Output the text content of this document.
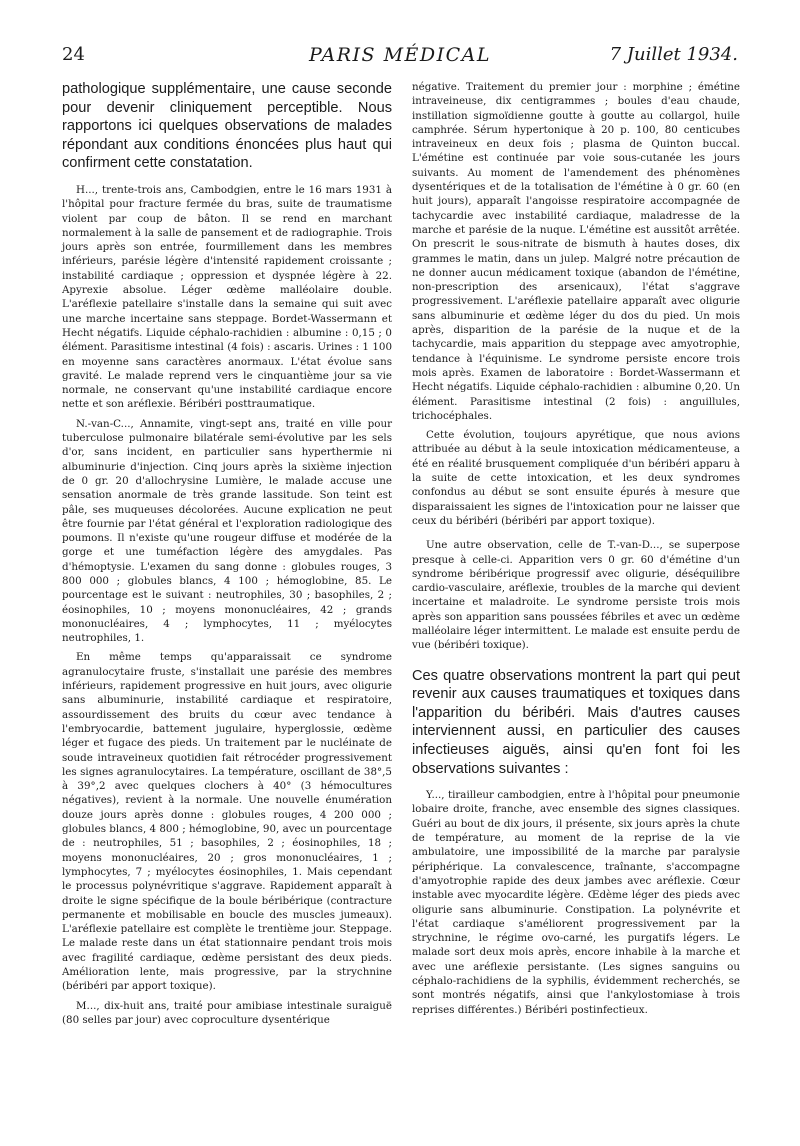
24	PARIS MÉDICAL	7 Juillet 1934.

pathologique supplémentaire, une cause seconde pour devenir cliniquement perceptible. Nous rapportons ici quelques observations de malades répondant aux conditions énoncées plus haut qui confirment cette constatation.

H..., trente-trois ans, Cambodgien, entre le 16 mars 1931 à l'hôpital pour fracture fermée du bras, suite de traumatisme violent par coup de bâton. Il se rend en marchant normalement à la salle de pansement et de radiographie. Trois jours après son entrée, fourmillement dans les membres inférieurs, parésie légère d'intensité rapidement croissante ; instabilité cardiaque ; oppression et dyspnée légère à 22. Apyrexie absolue. Léger œdème malléolaire double. L'aréflexie patellaire s'installe dans la semaine qui suit avec une marche incertaine sans steppage. Bordet-Wassermann et Hecht négatifs. Liquide céphalo-rachidien : albumine : 0,15 ; 0 élément. Parasitisme intestinal (4 fois) : ascaris. Urines : 1 100 en moyenne sans caractères anormaux. L'état évolue sans gravité. Le malade reprend vers le cinquantième jour sa vie normale, ne conservant qu'une instabilité cardiaque encore nette et son aréflexie. Béribéri posttraumatique.

N.-van-C..., Annamite, vingt-sept ans, traité en ville pour tuberculose pulmonaire bilatérale semi-évolutive par les sels d'or, sans incident, en particulier sans hyperthermie ni albuminurie d'injection. Cinq jours après la sixième injection de 0 gr. 20 d'allochrysine Lumière, le malade accuse une sensation anormale de très grande lassitude. Son teint est pâle, ses muqueuses décolorées. Aucune explication ne peut être fournie par l'état général et l'exploration radiologique des poumons. Il n'existe qu'une rougeur diffuse et modérée de la gorge et une tuméfaction légère des amygdales. Pas d'hémoptysie. L'examen du sang donne : globules rouges, 3 800 000 ; globules blancs, 4 100 ; hémoglobine, 85. Le pourcentage est le suivant : neutrophiles, 30 ; basophiles, 2 ; éosinophiles, 10 ; moyens mononucléaires, 42 ; grands mononucléaires, 4 ; lymphocytes, 11 ; myélocytes neutrophiles, 1.

En même temps qu'apparaissait ce syndrome agranulocytaire fruste, s'installait une parésie des membres inférieurs, rapidement progressive en huit jours, avec oligurie sans albuminurie, instabilité cardiaque et respiratoire, assourdissement des bruits du cœur avec tendance à l'embryocardie, battement jugulaire, hyperglossie, œdème léger et fugace des pieds. Un traitement par le nucléinate de soude intraveineux quotidien fait rétrocéder progressivement les signes agranulocytaires. La température, oscillant de 38°,5 à 39°,2 avec quelques clochers à 40° (3 hémocultures négatives), revient à la normale. Une nouvelle énumération douze jours après donne : globules rouges, 4 200 000 ; globules blancs, 4 800 ; hémoglobine, 90, avec un pourcentage de : neutrophiles, 51 ; basophiles, 2 ; éosinophiles, 18 ; moyens mononucléaires, 20 ; gros mononucléaires, 1 ; lymphocytes, 7 ; myélocytes éosinophiles, 1. Mais cependant le processus polynévritique s'aggrave. Rapidement apparaît à droite le signe spécifique de la boule béribérique (contracture permanente et mobilisable en boucle des muscles jumeaux). L'aréflexie patellaire est complète le trentième jour. Steppage. Le malade reste dans un état stationnaire pendant trois mois avec fragilité cardiaque, œdème persistant des deux pieds. Amélioration lente, mais progressive, par la strychnine (béribéri par apport toxique).

M..., dix-huit ans, traité pour amibiase intestinale suraiguë (80 selles par jour) avec coproculture dysentérique

négative. Traitement du premier jour : morphine ; émétine intraveineuse, dix centigrammes ; boules d'eau chaude, instillation sigmoïdienne goutte à goutte au collargol, huile camphrée. Sérum hypertonique à 20 p. 100, 80 centicubes intraveineux en deux fois ; plasma de Quinton buccal. L'émétine est continuée par voie sous-cutanée les jours suivants. Au moment de l'amendement des phénomènes dysentériques et de la totalisation de l'émétine à 0 gr. 60 (en huit jours), apparaît l'angoisse respiratoire accompagnée de tachycardie avec instabilité cardiaque, maladresse de la marche et parésie de la nuque. L'émétine est aussitôt arrêtée. On prescrit le sous-nitrate de bismuth à hautes doses, dix grammes le matin, dans un julep. Malgré notre précaution de ne donner aucun médicament toxique (abandon de l'émétine, non-prescription des arsenicaux), l'état s'aggrave progressivement. L'aréflexie patellaire apparaît avec oligurie sans albuminurie et œdème léger du dos du pied. Un mois après, disparition de la parésie de la nuque et de la tachycardie, mais apparition du steppage avec amyotrophie, tendance à l'équinisme. Le syndrome persiste encore trois mois après. Examen de laboratoire : Bordet-Wassermann et Hecht négatifs. Liquide céphalo-rachidien : albumine 0,20. Un élément. Parasitisme intestinal (2 fois) : anguillules, trichocéphales.

Cette évolution, toujours apyrétique, que nous avions attribuée au début à la seule intoxication médicamenteuse, a été en réalité brusquement compliquée d'un béribéri apparu à la suite de cette intoxication, et les deux syndromes confondus au début se sont ensuite épurés à mesure que disparaissaient les signes de l'intoxication pour ne laisser que ceux du béribéri (béribéri par apport toxique).

Une autre observation, celle de T.-van-D..., se superpose presque à celle-ci. Apparition vers 0 gr. 60 d'émétine d'un syndrome béribérique progressif avec oligurie, déséquilibre cardio-vasculaire, aréflexie, troubles de la marche qui devient incertaine et maladroite. Le syndrome persiste trois mois après son apparition sans poussées fébriles et avec un œdème malléolaire léger intermittent. Le malade est ensuite perdu de vue (béribéri toxique).

Ces quatre observations montrent la part qui peut revenir aux causes traumatiques et toxiques dans l'apparition du béribéri. Mais d'autres causes interviennent aussi, en particulier des causes infectieuses aiguës, ainsi qu'en font foi les observations suivantes :

Y..., tirailleur cambodgien, entre à l'hôpital pour pneumonie lobaire droite, franche, avec ensemble des signes classiques. Guéri au bout de dix jours, il présente, six jours après la chute de température, au moment de la reprise de la vie ambulatoire, une impossibilité de la marche par paralysie périphérique. La convalescence, traînante, s'accompagne d'amyotrophie rapide des deux jambes avec aréflexie. Cœur instable avec myocardite légère. Œdème léger des pieds avec oligurie sans albuminurie. Constipation. La polynévrite et l'état cardiaque s'améliorent progressivement par la strychnine, le régime ovo-carné, les purgatifs légers. Le malade sort deux mois après, encore inhabile à la marche et avec une aréflexie persistante. (Les signes sanguins ou céphalo-rachidiens de la syphilis, évidemment recherchés, se sont montrés négatifs, ainsi que l'ankylostomiase à trois reprises différentes.) Béribéri postinfectieux.
